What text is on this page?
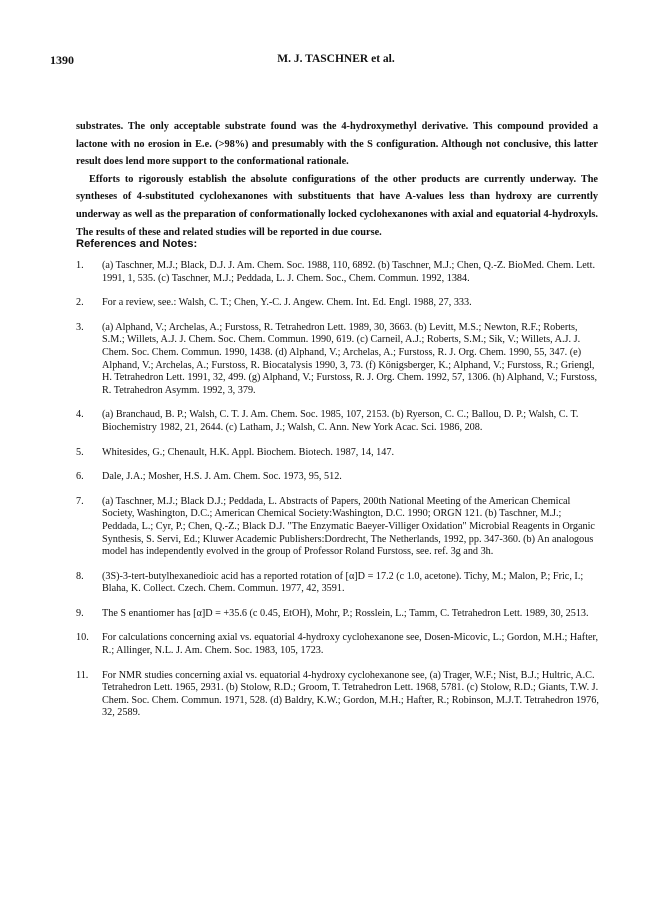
1390	M. J. TASCHNER et al.

substrates. The only acceptable substrate found was the 4-hydroxymethyl derivative. This compound provided a lactone with no erosion in E.e. (>98%) and presumably with the S configuration. Although not conclusive, this latter result does lend more support to the conformational rationale.

Efforts to rigorously establish the absolute configurations of the other products are currently underway. The syntheses of 4-substituted cyclohexanones with substituents that have A-values less than hydroxy are currently underway as well as the preparation of conformationally locked cyclohexanones with axial and equatorial 4-hydroxyls. The results of these and related studies will be reported in due course.

References and Notes:
1. (a) Taschner, M.J.; Black, D.J. J. Am. Chem. Soc. 1988, 110, 6892. (b) Taschner, M.J.; Chen, Q.-Z. BioMed. Chem. Lett. 1991, 1, 535. (c) Taschner, M.J.; Peddada, L. J. Chem. Soc., Chem. Commun. 1992, 1384.
2. For a review, see.: Walsh, C. T.; Chen, Y.-C. J. Angew. Chem. Int. Ed. Engl. 1988, 27, 333.
3. (a) Alphand, V.; Archelas, A.; Furstoss, R. Tetrahedron Lett. 1989, 30, 3663. (b) Levitt, M.S.; Newton, R.F.; Roberts, S.M.; Willets, A.J. J. Chem. Soc. Chem. Commun. 1990, 619. (c) Carneil, A.J.; Roberts, S.M.; Sik, V.; Willets, A.J. J. Chem. Soc. Chem. Commun. 1990, 1438. (d) Alphand, V.; Archelas, A.; Furstoss, R. J. Org. Chem. 1990, 55, 347. (e) Alphand, V.; Archelas, A.; Furstoss, R. Biocatalysis 1990, 3, 73. (f) Königsberger, K.; Alphand, V.; Furstoss, R.; Griengl, H. Tetrahedron Lett. 1991, 32, 499. (g) Alphand, V.; Furstoss, R. J. Org. Chem. 1992, 57, 1306. (h) Alphand, V.; Furstoss, R. Tetrahedron Asymm. 1992, 3, 379.
4. (a) Branchaud, B. P.; Walsh, C. T. J. Am. Chem. Soc. 1985, 107, 2153. (b) Ryerson, C. C.; Ballou, D. P.; Walsh, C. T. Biochemistry 1982, 21, 2644. (c) Latham, J.; Walsh, C. Ann. New York Acac. Sci. 1986, 208.
5. Whitesides, G.; Chenault, H.K. Appl. Biochem. Biotech. 1987, 14, 147.
6. Dale, J.A.; Mosher, H.S. J. Am. Chem. Soc. 1973, 95, 512.
7. (a) Taschner, M.J.; Black D.J.; Peddada, L. Abstracts of Papers, 200th National Meeting of the American Chemical Society, Washington, D.C.; American Chemical Society:Washington, D.C. 1990; ORGN 121. (b) Taschner, M.J.; Peddada, L.; Cyr, P.; Chen, Q.-Z.; Black D.J. "The Enzymatic Baeyer-Villiger Oxidation" Microbial Reagents in Organic Synthesis, S. Servi, Ed.; Kluwer Academic Publishers:Dordrecht, The Netherlands, 1992, pp. 347-360. (b) An analogous model has independently evolved in the group of Professor Roland Furstoss, see. ref. 3g and 3h.
8. (3S)-3-tert-butylhexanedioic acid has a reported rotation of [α]D = 17.2 (c 1.0, acetone). Tichy, M.; Malon, P.; Fric, I.; Blaha, K. Collect. Czech. Chem. Commun. 1977, 42, 3591.
9. The S enantiomer has [α]D = +35.6 (c 0.45, EtOH), Mohr, P.; Rosslein, L.; Tamm, C. Tetrahedron Lett. 1989, 30, 2513.
10. For calculations concerning axial vs. equatorial 4-hydroxy cyclohexanone see, Dosen-Micovic, L.; Gordon, M.H.; Hafter, R.; Allinger, N.L. J. Am. Chem. Soc. 1983, 105, 1723.
11. For NMR studies concerning axial vs. equatorial 4-hydroxy cyclohexanone see, (a) Trager, W.F.; Nist, B.J.; Hultric, A.C. Tetrahedron Lett. 1965, 2931. (b) Stolow, R.D.; Groom, T. Tetrahedron Lett. 1968, 5781. (c) Stolow, R.D.; Giants, T.W. J. Chem. Soc. Chem. Commun. 1971, 528. (d) Baldry, K.W.; Gordon, M.H.; Hafter, R.; Robinson, M.J.T. Tetrahedron 1976, 32, 2589.
